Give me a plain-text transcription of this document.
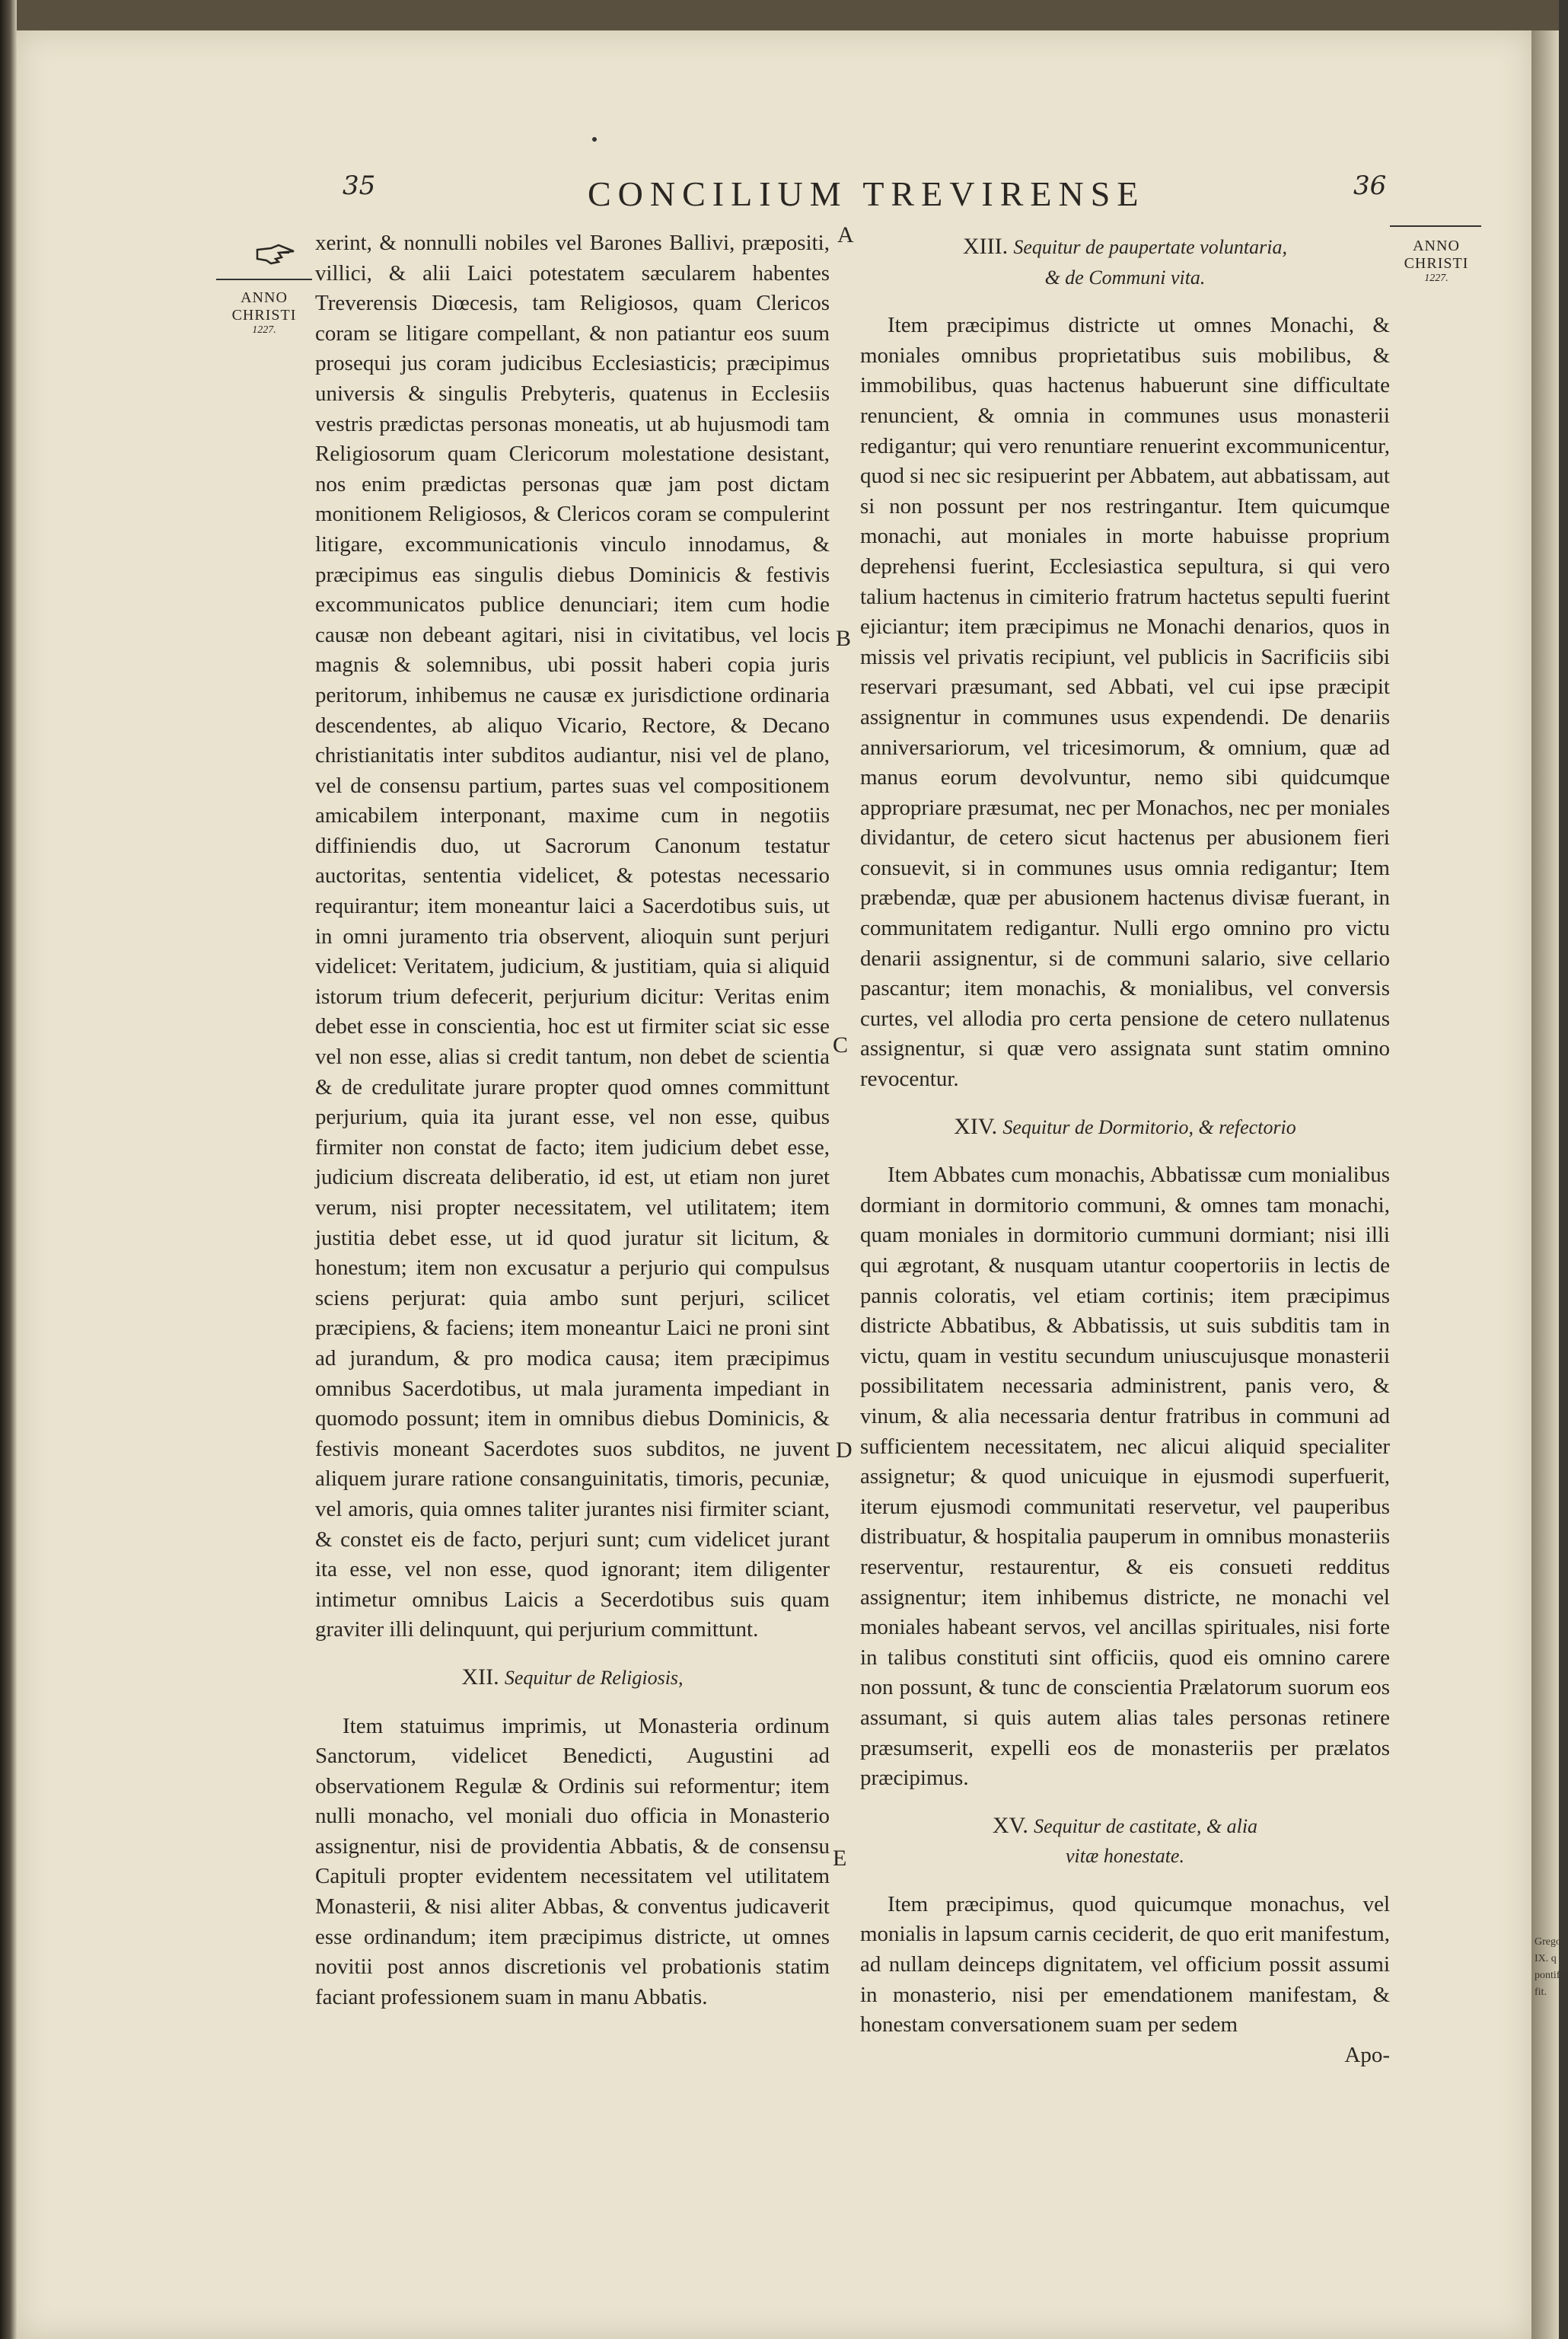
35	CONCILIUM TREVIRENSE	36
ANNO
CHRISTI
1227.
ANNO
CHRISTI
1227.
A
B
C
D
E

xerint, & nonnulli nobiles vel Barones Ballivi, præpositi, villici, & alii Laici potestatem sæcularem habentes Treverensis Diœcesis, tam Religiosos, quam Clericos coram se litigare compellant, & non patiantur eos suum prosequi jus coram judicibus Ecclesiasticis; præcipimus universis & singulis Prebyteris, quatenus in Ecclesiis vestris prædictas personas moneatis, ut ab hujusmodi tam Religiosorum quam Clericorum molestatione desistant, nos enim prædictas personas quæ jam post dictam monitionem Religiosos, & Clericos coram se compulerint litigare, excommunicationis vinculo innodamus, & præcipimus eas singulis diebus Dominicis & festivis excommunicatos publice denunciari; item cum hodie causæ non debeant agitari, nisi in civitatibus, vel locis magnis & solemnibus, ubi possit haberi copia juris peritorum, inhibemus ne causæ ex jurisdictione ordinaria descendentes, ab aliquo Vicario, Rectore, & Decano christianitatis inter subditos audiantur, nisi vel de plano, vel de consensu partium, partes suas vel compositionem amicabilem interponant, maxime cum in negotiis diffiniendis duo, ut Sacrorum Canonum testatur auctoritas, sententia videlicet, & potestas necessario requirantur; item moneantur laici a Sacerdotibus suis, ut in omni juramento tria observent, alioquin sunt perjuri videlicet: Veritatem, judicium, & justitiam, quia si aliquid istorum trium defecerit, perjurium dicitur: Veritas enim debet esse in conscientia, hoc est ut firmiter sciat sic esse vel non esse, alias si credit tantum, non debet de scientia & de credulitate jurare propter quod omnes committunt perjurium, quia ita jurant esse, vel non esse, quibus firmiter non constat de facto; item judicium debet esse, judicium discreata deliberatio, id est, ut etiam non juret verum, nisi propter necessitatem, vel utilitatem; item justitia debet esse, ut id quod juratur sit licitum, & honestum; item non excusatur a perjurio qui compulsus sciens perjurat: quia ambo sunt perjuri, scilicet præcipiens, & faciens; item moneantur Laici ne proni sint ad jurandum, & pro modica causa; item præcipimus omnibus Sacerdotibus, ut mala juramenta impediant in quomodo possunt; item in omnibus diebus Dominicis, & festivis moneant Sacerdotes suos subditos, ne juvent aliquem jurare ratione consanguinitatis, timoris, pecuniæ, vel amoris, quia omnes taliter jurantes nisi firmiter sciant, & constet eis de facto, perjuri sunt; cum videlicet jurant ita esse, vel non esse, quod ignorant; item diligenter intimetur omnibus Laicis a Secerdotibus suis quam graviter illi delinquunt, qui perjurium committunt.

XII. Sequitur de Religiosis,

Item statuimus imprimis, ut Monasteria ordinum Sanctorum, videlicet Benedicti, Augustini ad observationem Regulæ & Ordinis sui reformentur; item nulli monacho, vel moniali duo officia in Monasterio assignentur, nisi de providentia Abbatis, & de consensu Capituli propter evidentem necessitatem vel utilitatem Monasterii, & nisi aliter Abbas, & conventus judicaverit esse ordinandum; item præcipimus districte, ut omnes novitii post annos discretionis vel probationis statim faciant professionem suam in manu Abbatis.

XIII. Sequitur de paupertate voluntaria,
& de Communi vita.

Item præcipimus districte ut omnes Monachi, & moniales omnibus proprietatibus suis mobilibus, & immobilibus, quas hactenus habuerunt sine difficultate renuncient, & omnia in communes usus monasterii redigantur; qui vero renuntiare renuerint excommunicentur, quod si nec sic resipuerint per Abbatem, aut abbatissam, aut si non possunt per nos restringantur. Item quicumque monachi, aut moniales in morte habuisse proprium deprehensi fuerint, Ecclesiastica sepultura, si qui vero talium hactenus in cimiterio fratrum hactetus sepulti fuerint ejiciantur; item præcipimus ne Monachi denarios, quos in missis vel privatis recipiunt, vel publicis in Sacrificiis sibi reservari præsumant, sed Abbati, vel cui ipse præcipit assignentur in communes usus expendendi. De denariis anniversariorum, vel tricesimorum, & omnium, quæ ad manus eorum devolvuntur, nemo sibi quidcumque appropriare præsumat, nec per Monachos, nec per moniales dividantur, de cetero sicut hactenus per abusionem fieri consuevit, si in communes usus omnia redigantur; Item præbendæ, quæ per abusionem hactenus divisæ fuerant, in communitatem redigantur. Nulli ergo omnino pro victu denarii assignentur, si de communi salario, sive cellario pascantur; item monachis, & monialibus, vel conversis curtes, vel allodia pro certa pensione de cetero nullatenus assignentur, si quæ vero assignata sunt statim omnino revocentur.

XIV. Sequitur de Dormitorio, & refectorio

Item Abbates cum monachis, Abbatissæ cum monialibus dormiant in dormitorio communi, & omnes tam monachi, quam moniales in dormitorio cummuni dormiant; nisi illi qui ægrotant, & nusquam utantur coopertoriis in lectis de pannis coloratis, vel etiam cortinis; item præcipimus districte Abbatibus, & Abbatissis, ut suis subditis tam in victu, quam in vestitu secundum uniuscujusque monasterii possibilitatem necessaria administrent, panis vero, & vinum, & alia necessaria dentur fratribus in communi ad sufficientem necessitatem, nec alicui aliquid specialiter assignetur; & quod unicuique in ejusmodi superfuerit, iterum ejusmodi communitati reservetur, vel pauperibus distribuatur, & hospitalia pauperum in omnibus monasteriis reserventur, restaurentur, & eis consueti redditus assignentur; item inhibemus districte, ne monachi vel moniales habeant servos, vel ancillas spirituales, nisi forte in talibus constituti sint officiis, quod eis omnino carere non possunt, & tunc de conscientia Prælatorum suorum eos assumant, si quis autem alias tales personas retinere præsumserit, expelli eos de monasteriis per prælatos præcipimus.

XV. Sequitur de castitate, & alia
vitæ honestate.

Item præcipimus, quod quicumque monachus, vel monialis in lapsum carnis ceciderit, de quo erit manifestum, ad nullam deinceps dignitatem, vel officium possit assumi in monasterio, nisi per emendationem manifestam, & honestam conversationem suam per sedem

Apo-

Grego
IX. q
pontific
fit.
